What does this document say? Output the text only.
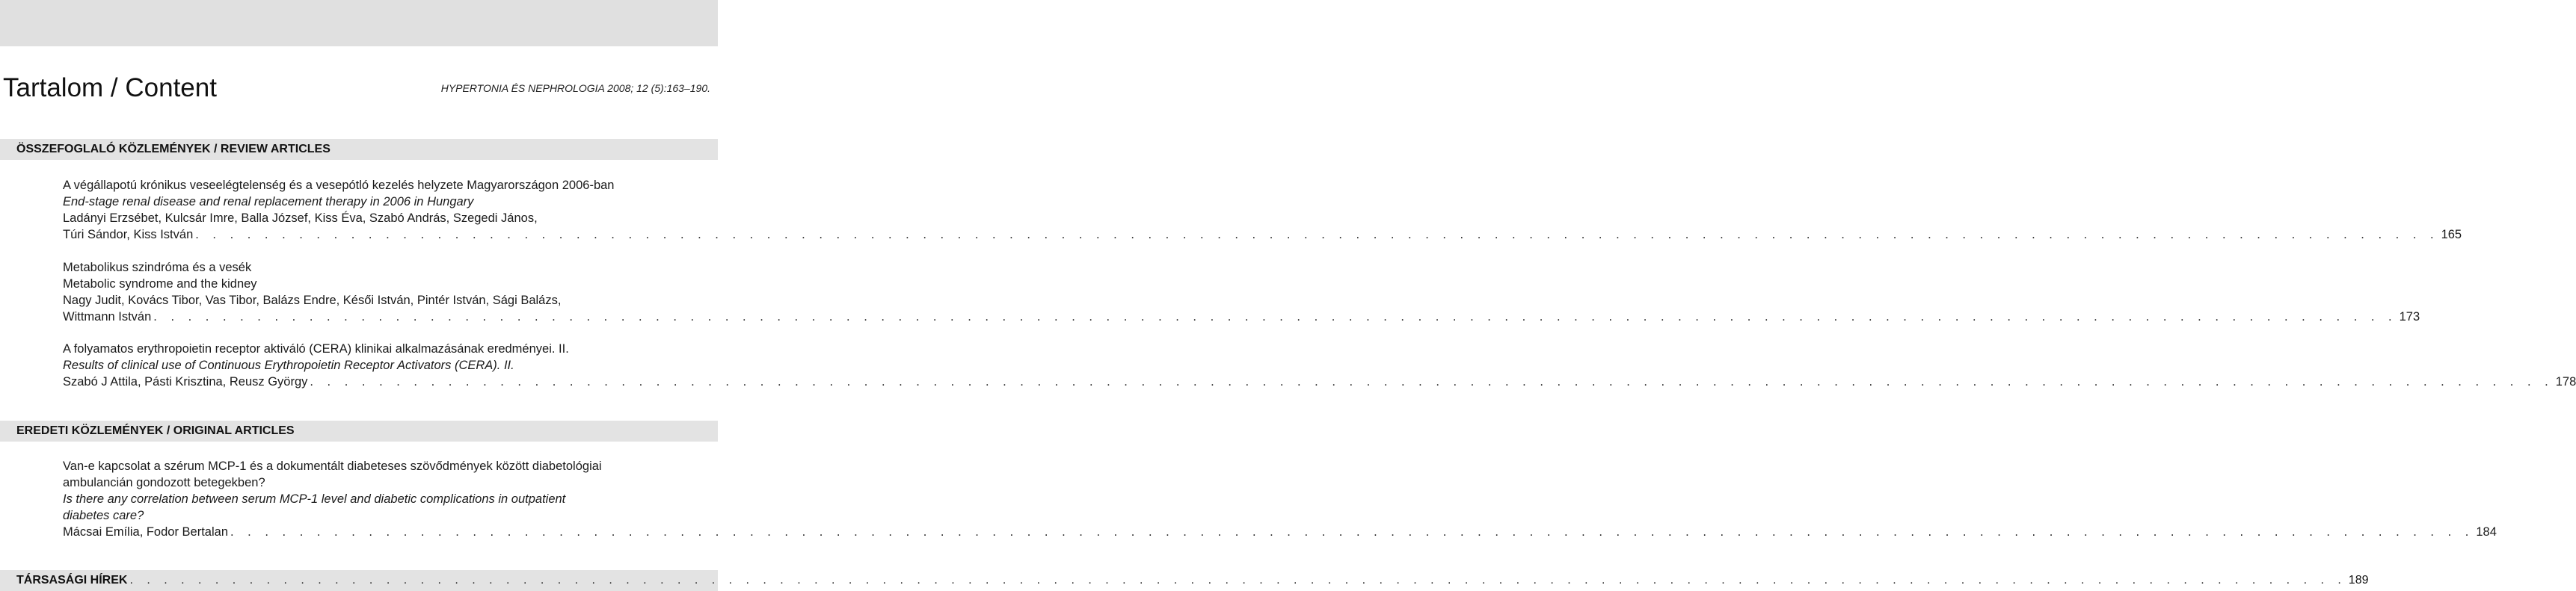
Tartalom / Content	HYPERTONIA ÉS NEPHROLOGIA 2008; 12 (5):163–190.
ÖSSZEFOGLALÓ KÖZLEMÉNYEK / REVIEW ARTICLES
A végállapotú krónikus veseelégtelenség és a vesepótló kezelés helyzete Magyarországon 2006-ban
End-stage renal disease and renal replacement therapy in 2006 in Hungary
Ladányi Erzsébet, Kulcsár Imre, Balla József, Kiss Éva, Szabó András, Szegedi János,
Túri Sándor, Kiss István . . . . . . . . . . . . . . . . . . . . . . . . . . . . . . . . . . . . . . . . . . . . . . . . . . . . . . . . . . . . . . . . . . . . . . . . . . . . . . . . . . . . . . . . . . . . . . . . . . . . . . . . . . . . . . . . . . . . . . . . . . . . . . . . . . 165
Metabolikus szindróma és a vesék
Metabolic syndrome and the kidney
Nagy Judit, Kovács Tibor, Vas Tibor, Balázs Endre, Késői István, Pintér István, Sági Balázs,
Wittmann István . . . . . . . . . . . . . . . . . . . . . . . . . . . . . . . . . . . . . . . . . . . . . . . . . . . . . . . . . . . . . . . . . . . . . . . . . . . . . . . . . . . . . . . . . . . . . . . . . . . . . . . . . . . . . . . . . . . . . . . . . . . . . . . . . . 173
A folyamatos erythropoietin receptor aktiváló (CERA) klinikai alkalmazásának eredményei. II.
Results of clinical use of Continuous Erythropoietin Receptor Activators (CERA). II.
Szabó J Attila, Pásti Krisztina, Reusz György . . . . . . . . . . . . . . . . . . . . . . . . . . . . . . . . . . . . . . . . . . . . . . . . . . . . . . . . . . . . . . . . . . . . . . . . . . . . . . . . . . . . . . . . . . . . . . . . . . . . . . . . . . . . . . . . . . . . . . . . . . . . . . . . . . 178
EREDETI KÖZLEMÉNYEK / ORIGINAL ARTICLES
Van-e kapcsolat a szérum MCP-1 és a dokumentált diabeteses szövődmények között diabetológiai
ambulancián gondozott betegekben?
Is there any correlation between serum MCP-1 level and diabetic complications in outpatient
diabetes care?
Mácsai Emília, Fodor Bertalan . . . . . . . . . . . . . . . . . . . . . . . . . . . . . . . . . . . . . . . . . . . . . . . . . . . . . . . . . . . . . . . . . . . . . . . . . . . . . . . . . . . . . . . . . . . . . . . . . . . . . . . . . . . . . . . . . . . . . . . . . . . . . . . . . . 184
TÁRSASÁGI HÍREK . . . . . . . . . . . . . . . . . . . . . . . . . . . . . . . . . . . . . . . . . . . . . . . . . . . . . . . . . . . . . . . . . . . . . . . . . . . . . . . . . . . . . . . . . . . . . . . . . . . . . . . . . . . . . . . . . . . . . . . . . . . . . . . . . . 189
